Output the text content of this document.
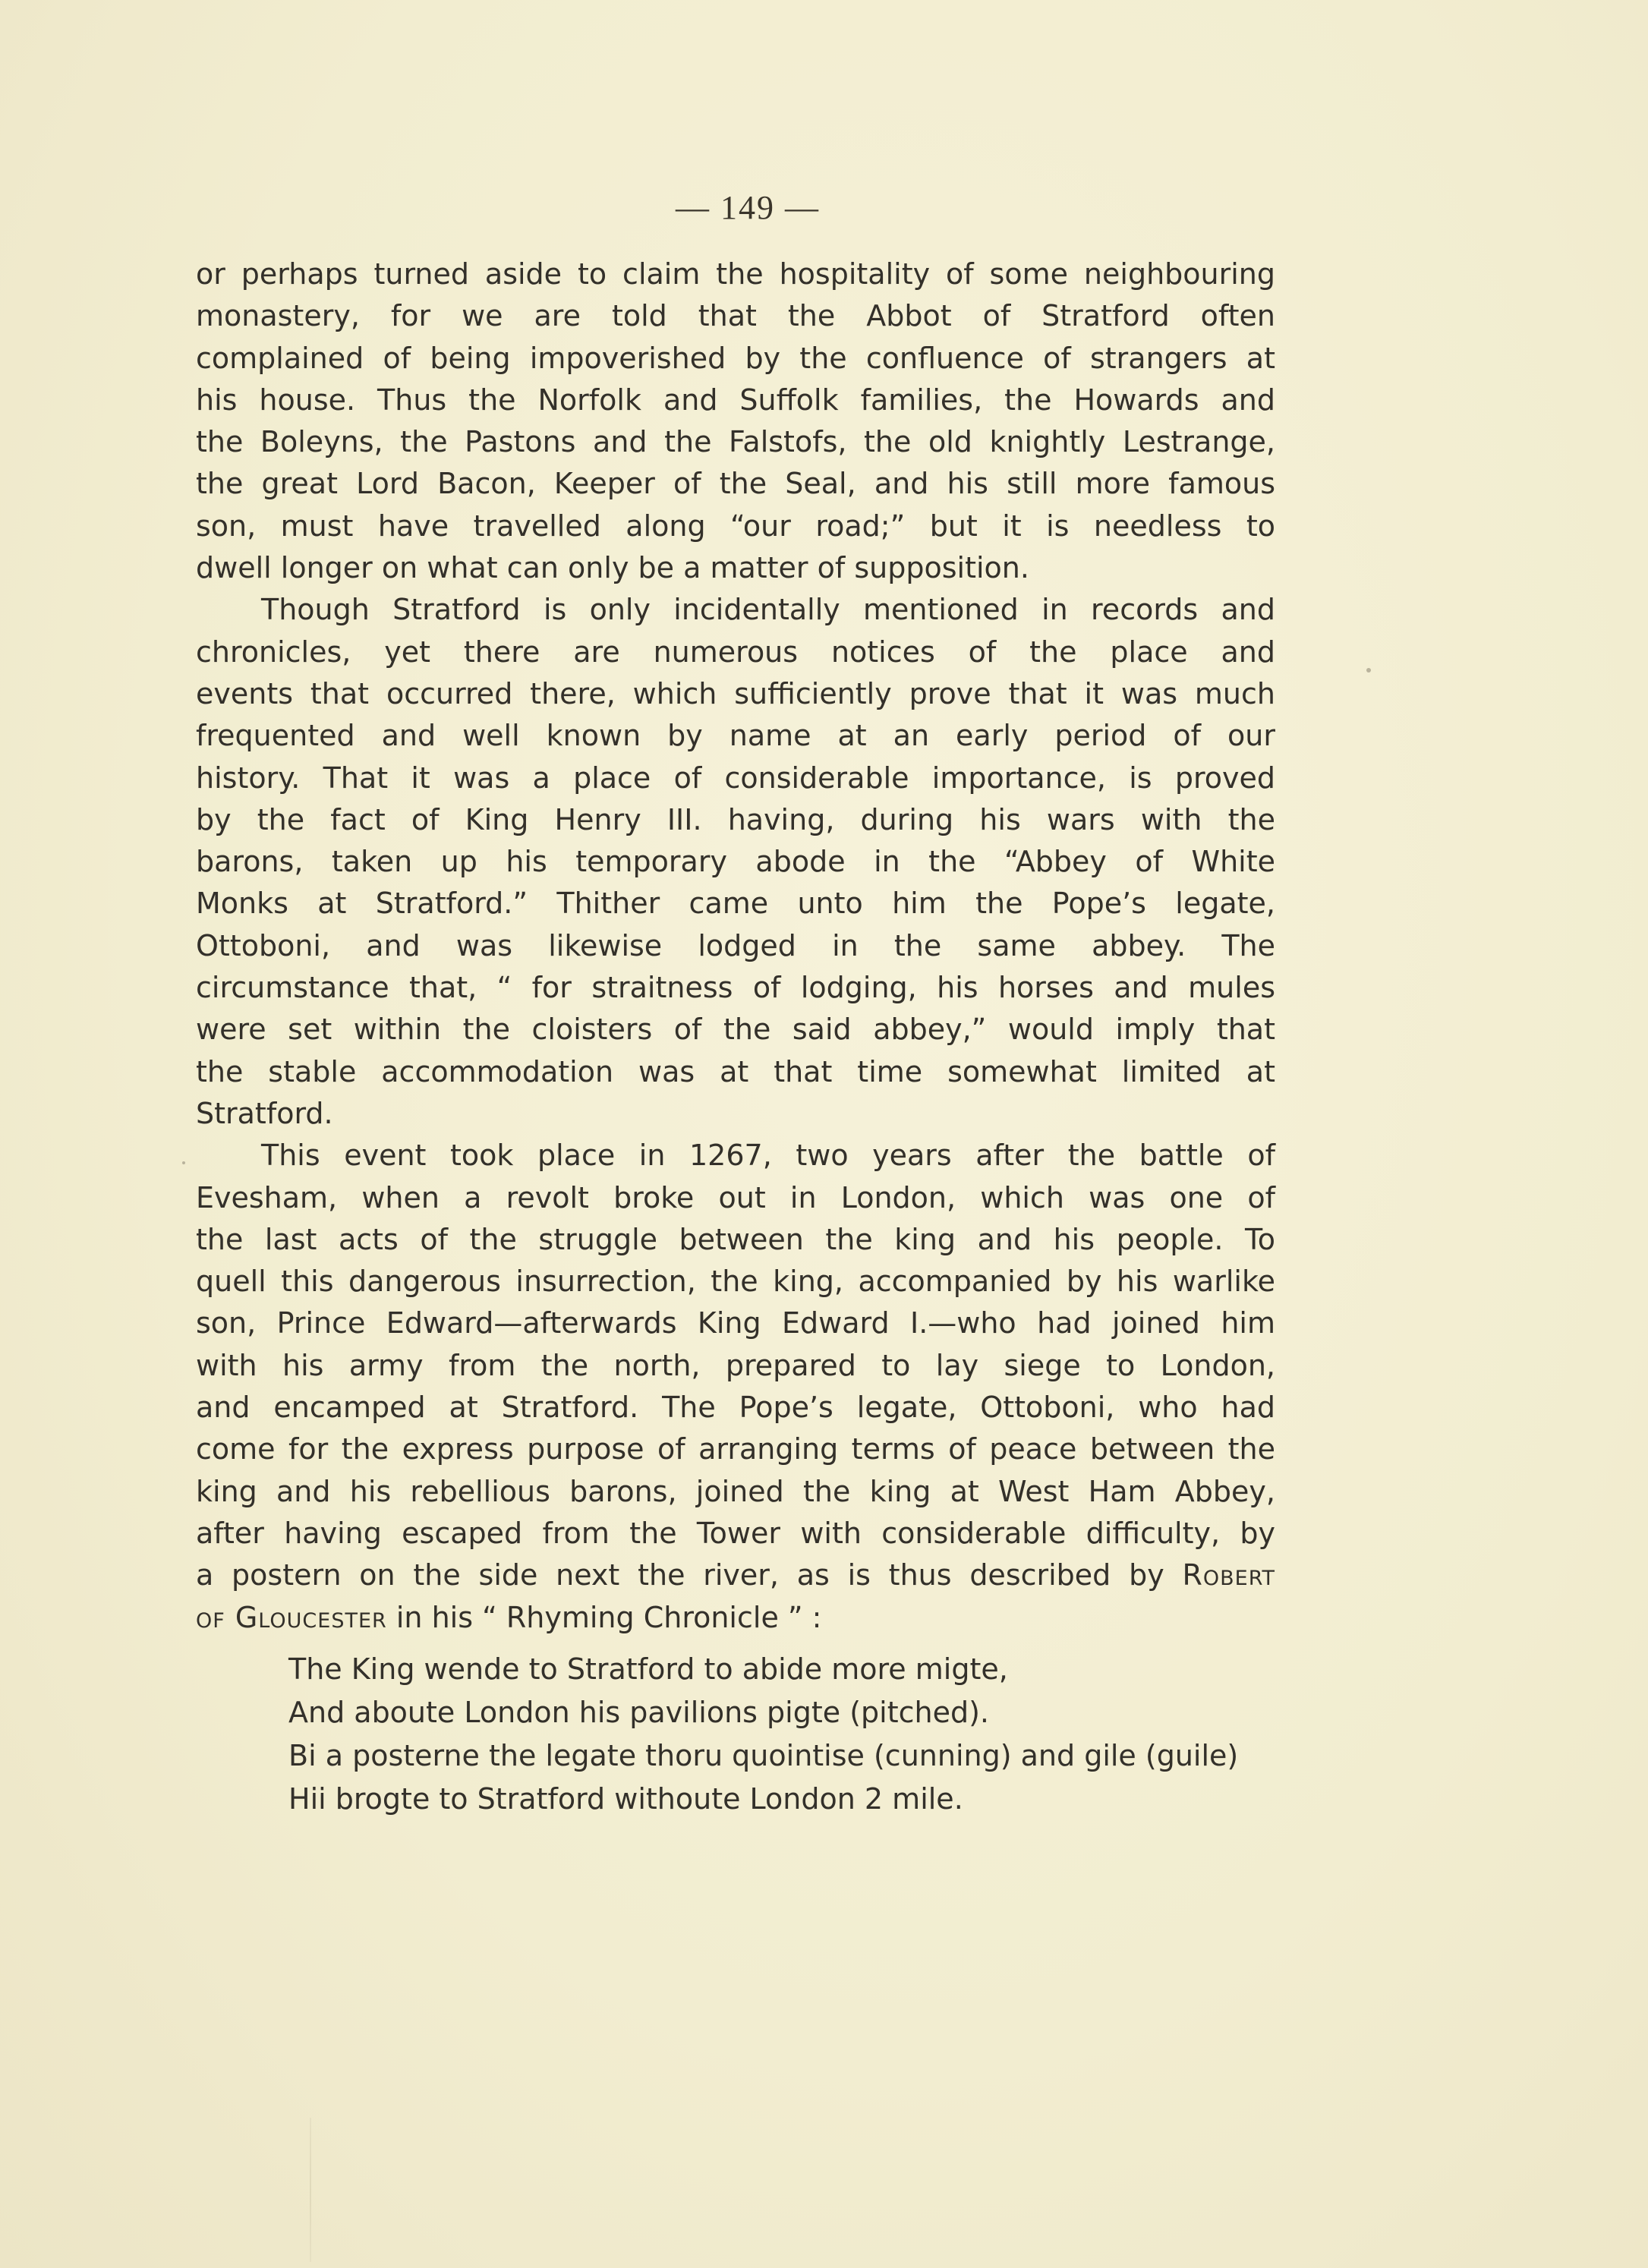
— 149 —
or perhaps turned aside to claim the hospitality of some neighbouring
monastery, for we are told that the Abbot of Stratford often
complained of being impoverished by the confluence of strangers at
his house. Thus the Norfolk and Suffolk families, the Howards and
the Boleyns, the Pastons and the Falstofs, the old knightly Lestrange,
the great Lord Bacon, Keeper of the Seal, and his still more famous
son, must have travelled along “our road;” but it is needless to
dwell longer on what can only be a matter of supposition.
Though Stratford is only incidentally mentioned in records and
chronicles, yet there are numerous notices of the place and
events that occurred there, which sufficiently prove that it was much
frequented and well known by name at an early period of our
history. That it was a place of considerable importance, is proved
by the fact of King Henry III. having, during his wars with the
barons, taken up his temporary abode in the “Abbey of White
Monks at Stratford.” Thither came unto him the Pope’s legate,
Ottoboni, and was likewise lodged in the same abbey. The
circumstance that, “ for straitness of lodging, his horses and mules
were set within the cloisters of the said abbey,” would imply that
the stable accommodation was at that time somewhat limited at
Stratford.
This event took place in 1267, two years after the battle of
Evesham, when a revolt broke out in London, which was one of
the last acts of the struggle between the king and his people. To
quell this dangerous insurrection, the king, accompanied by his warlike
son, Prince Edward—afterwards King Edward I.—who had joined him
with his army from the north, prepared to lay siege to London,
and encamped at Stratford. The Pope’s legate, Ottoboni, who had
come for the express purpose of arranging terms of peace between the
king and his rebellious barons, joined the king at West Ham Abbey,
after having escaped from the Tower with considerable difficulty, by
a postern on the side next the river, as is thus described by Robert
of Gloucester in his “ Rhyming Chronicle ” :
The King wende to Stratford to abide more migte,
And aboute London his pavilions pigte (pitched).
Bi a posterne the legate thoru quointise (cunning) and gile (guile)
Hii brogte to Stratford withoute London 2 mile.
